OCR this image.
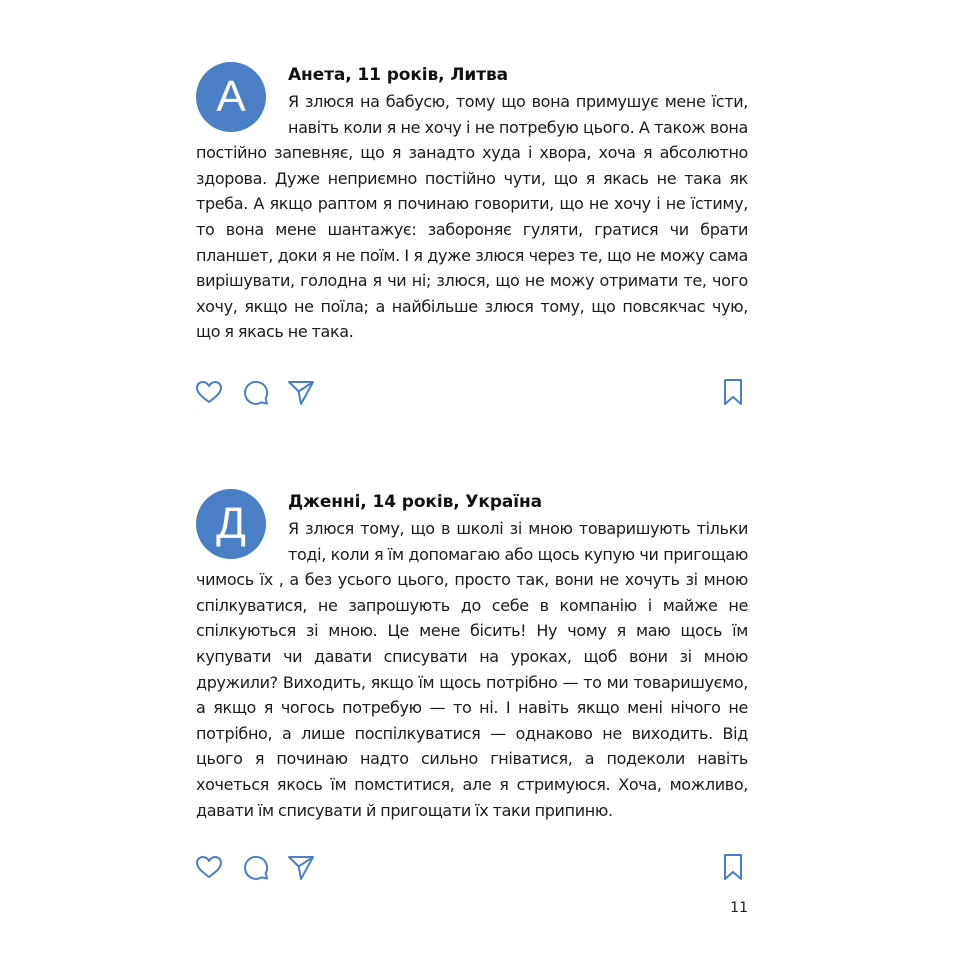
А	Анета, 11 років, Литва

Я злюся на бабусю, тому що вона примушує мене їсти, навіть коли я не хочу і не потребую цього. А також вона постійно запевняє, що я занадто худа і хвора, хоча я абсолютно здорова. Дуже неприємно постійно чути, що я якась не така як треба. А якщо раптом я починаю говорити, що не хочу і не їстиму, то вона мене шантажує: забороняє гуляти, гратися чи брати планшет, доки я не поїм. І я дуже злюся через те, що не можу сама вирішувати, голодна я чи ні; злюся, що не можу отримати те, чого хочу, якщо не поїла; а найбільше злюся тому, що повсякчас чую, що я якась не така.

Д	Дженні, 14 років, Україна

Я злюся тому, що в школі зі мною товаришують тільки тоді, коли я їм допомагаю або щось купую чи пригощаю чимось їх , а без усього цього, просто так, вони не хочуть зі мною спілкуватися, не запрошують до себе в компанію і майже не спілкуються зі мною. Це мене бісить! Ну чому я маю щось їм купувати чи давати списувати на уроках, щоб вони зі мною дружили? Виходить, якщо їм щось потрібно — то ми товаришуємо, а якщо я чогось потребую — то ні. І навіть якщо мені нічого не потрібно, а лише поспілкуватися — однаково не виходить. Від цього я починаю надто сильно гніватися, а подеколи навіть хочеться якось їм помститися, але я стримуюся. Хоча, можливо, давати їм списувати й пригощати їх таки припиню.

11
